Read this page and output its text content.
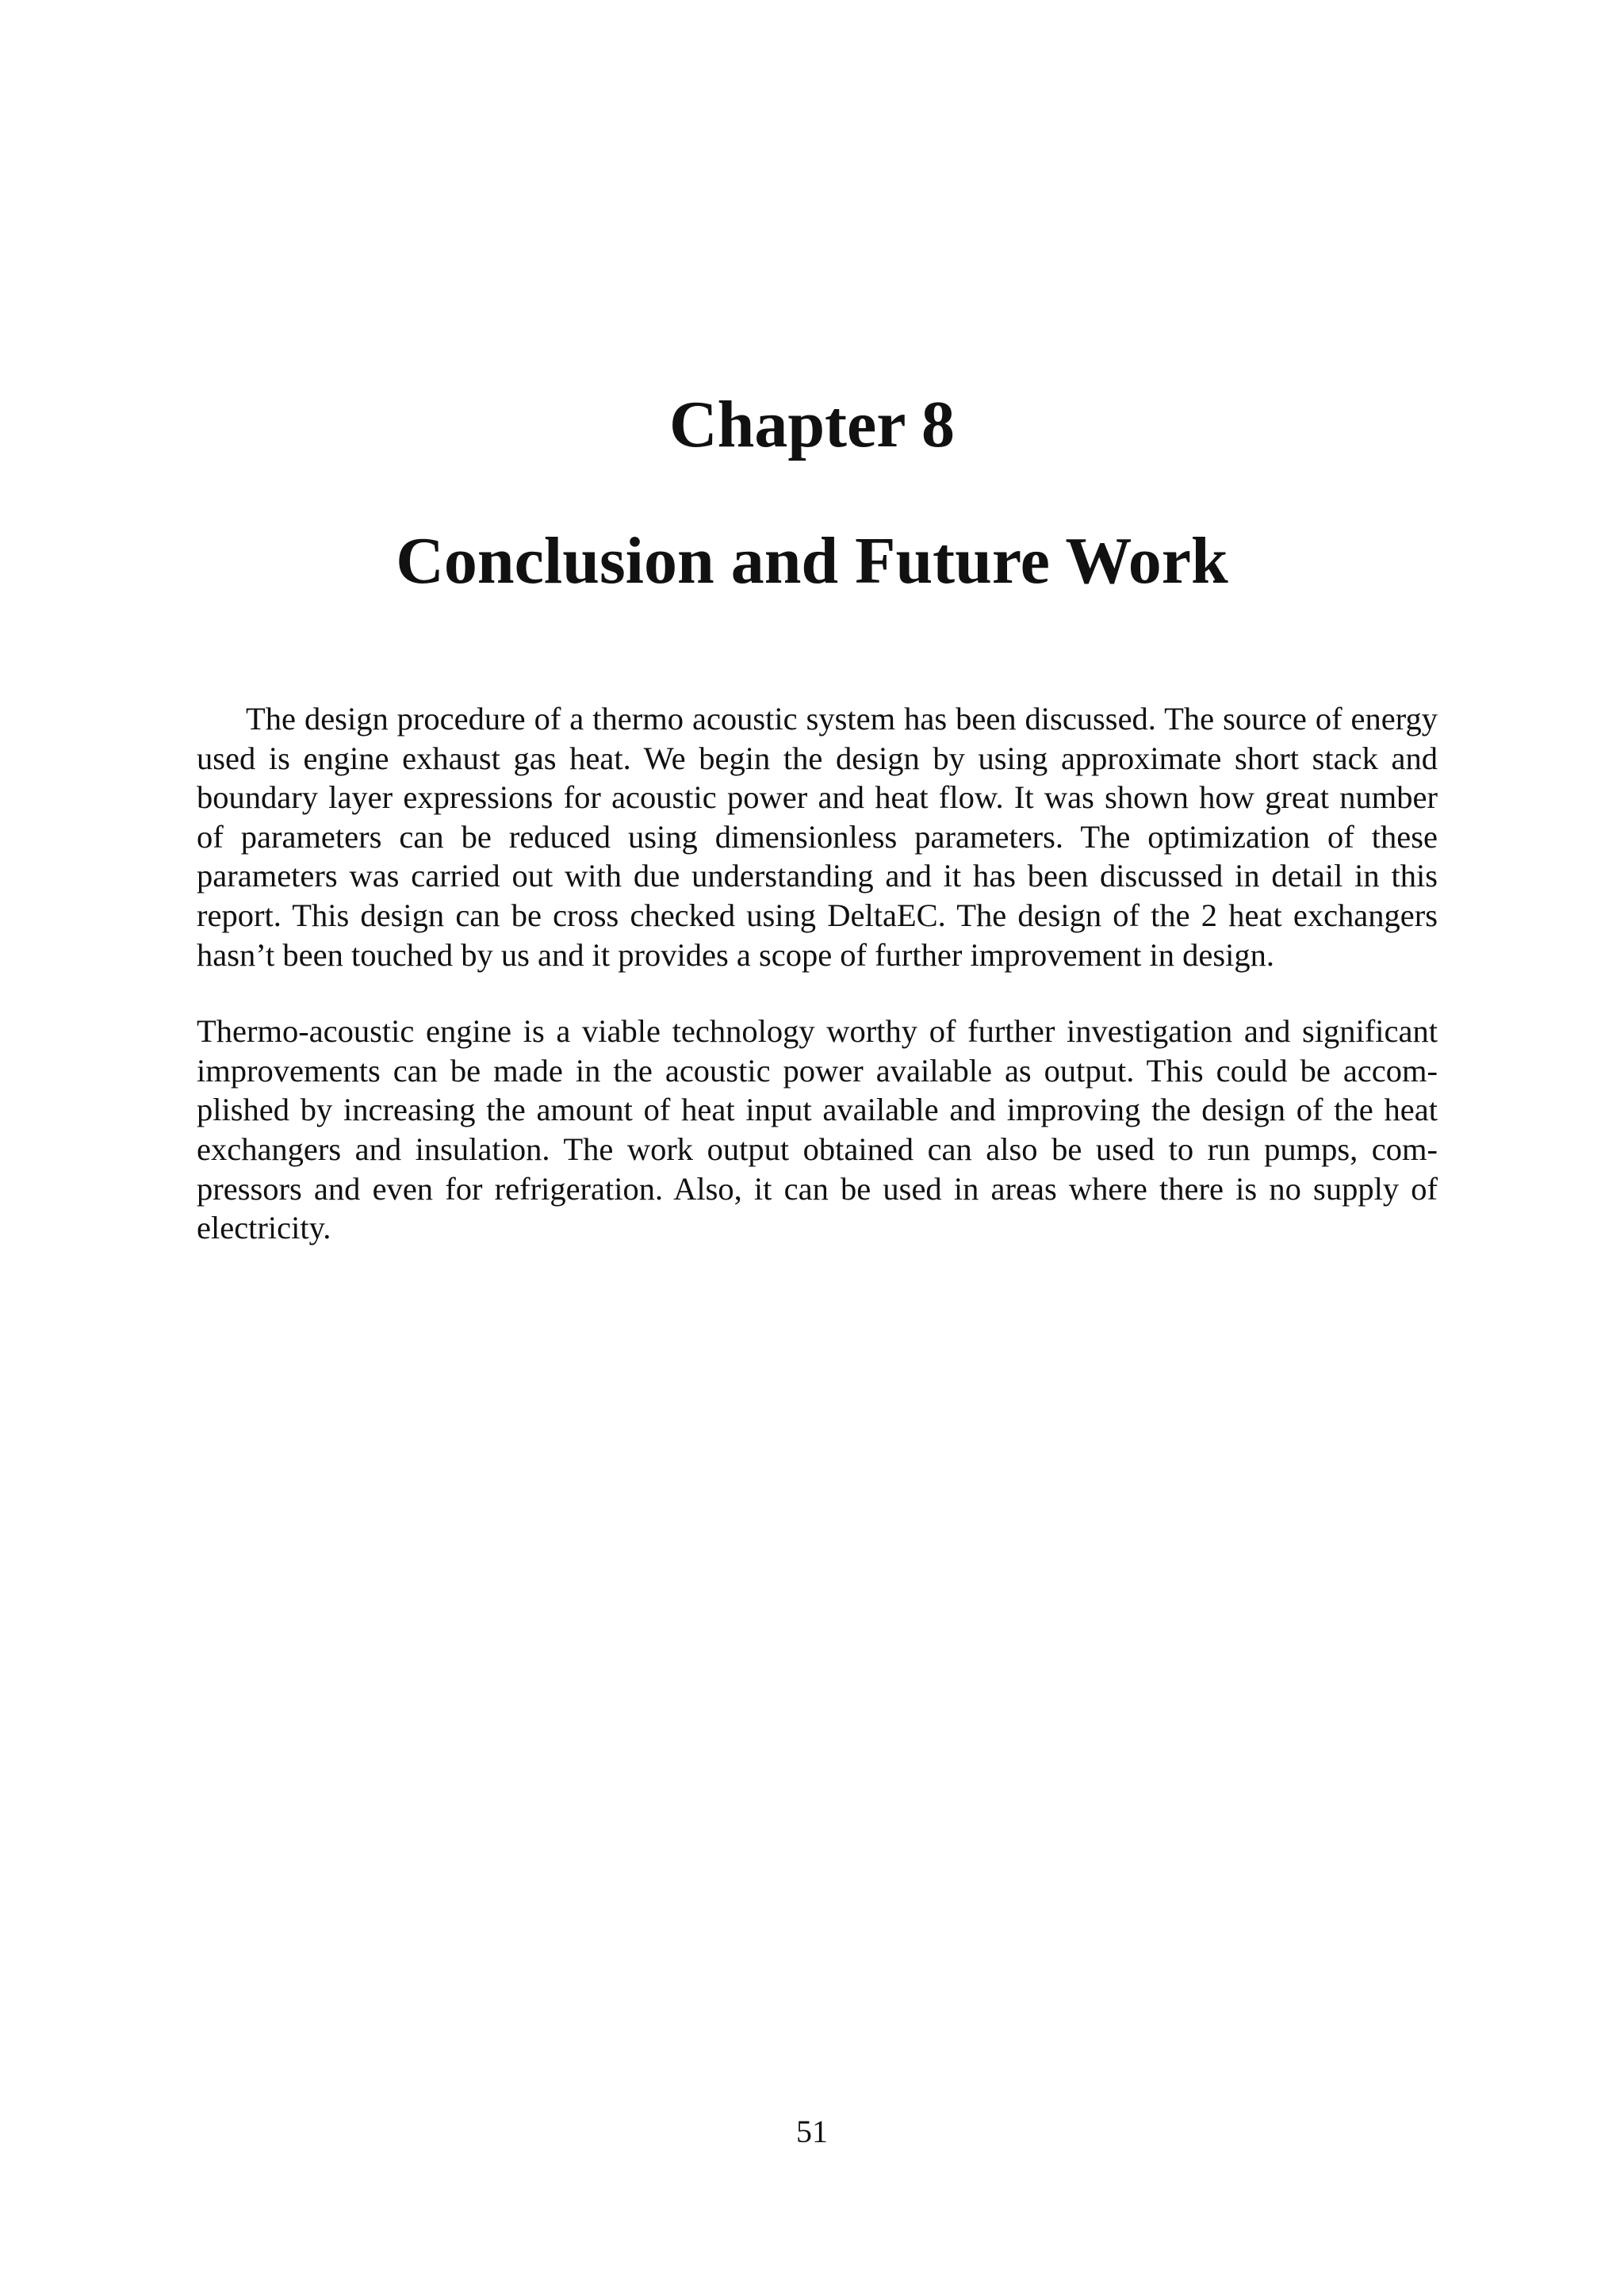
Chapter 8
Conclusion and Future Work

The design procedure of a thermo acoustic system has been discussed. The source of energy used is engine exhaust gas heat. We begin the design by using approximate short stack and boundary layer expressions for acoustic power and heat flow. It was shown how great number of parameters can be reduced using dimensionless parameters. The optimization of these parameters was carried out with due understanding and it has been discussed in detail in this report. This design can be cross checked using DeltaEC. The design of the 2 heat exchangers hasn’t been touched by us and it provides a scope of further improvement in design.

Thermo-acoustic engine is a viable technology worthy of further investigation and significant improvements can be made in the acoustic power available as output. This could be accomplished by increasing the amount of heat input available and improving the design of the heat exchangers and insulation. The work output obtained can also be used to run pumps, compressors and even for refrigeration. Also, it can be used in areas where there is no supply of electricity.

51
